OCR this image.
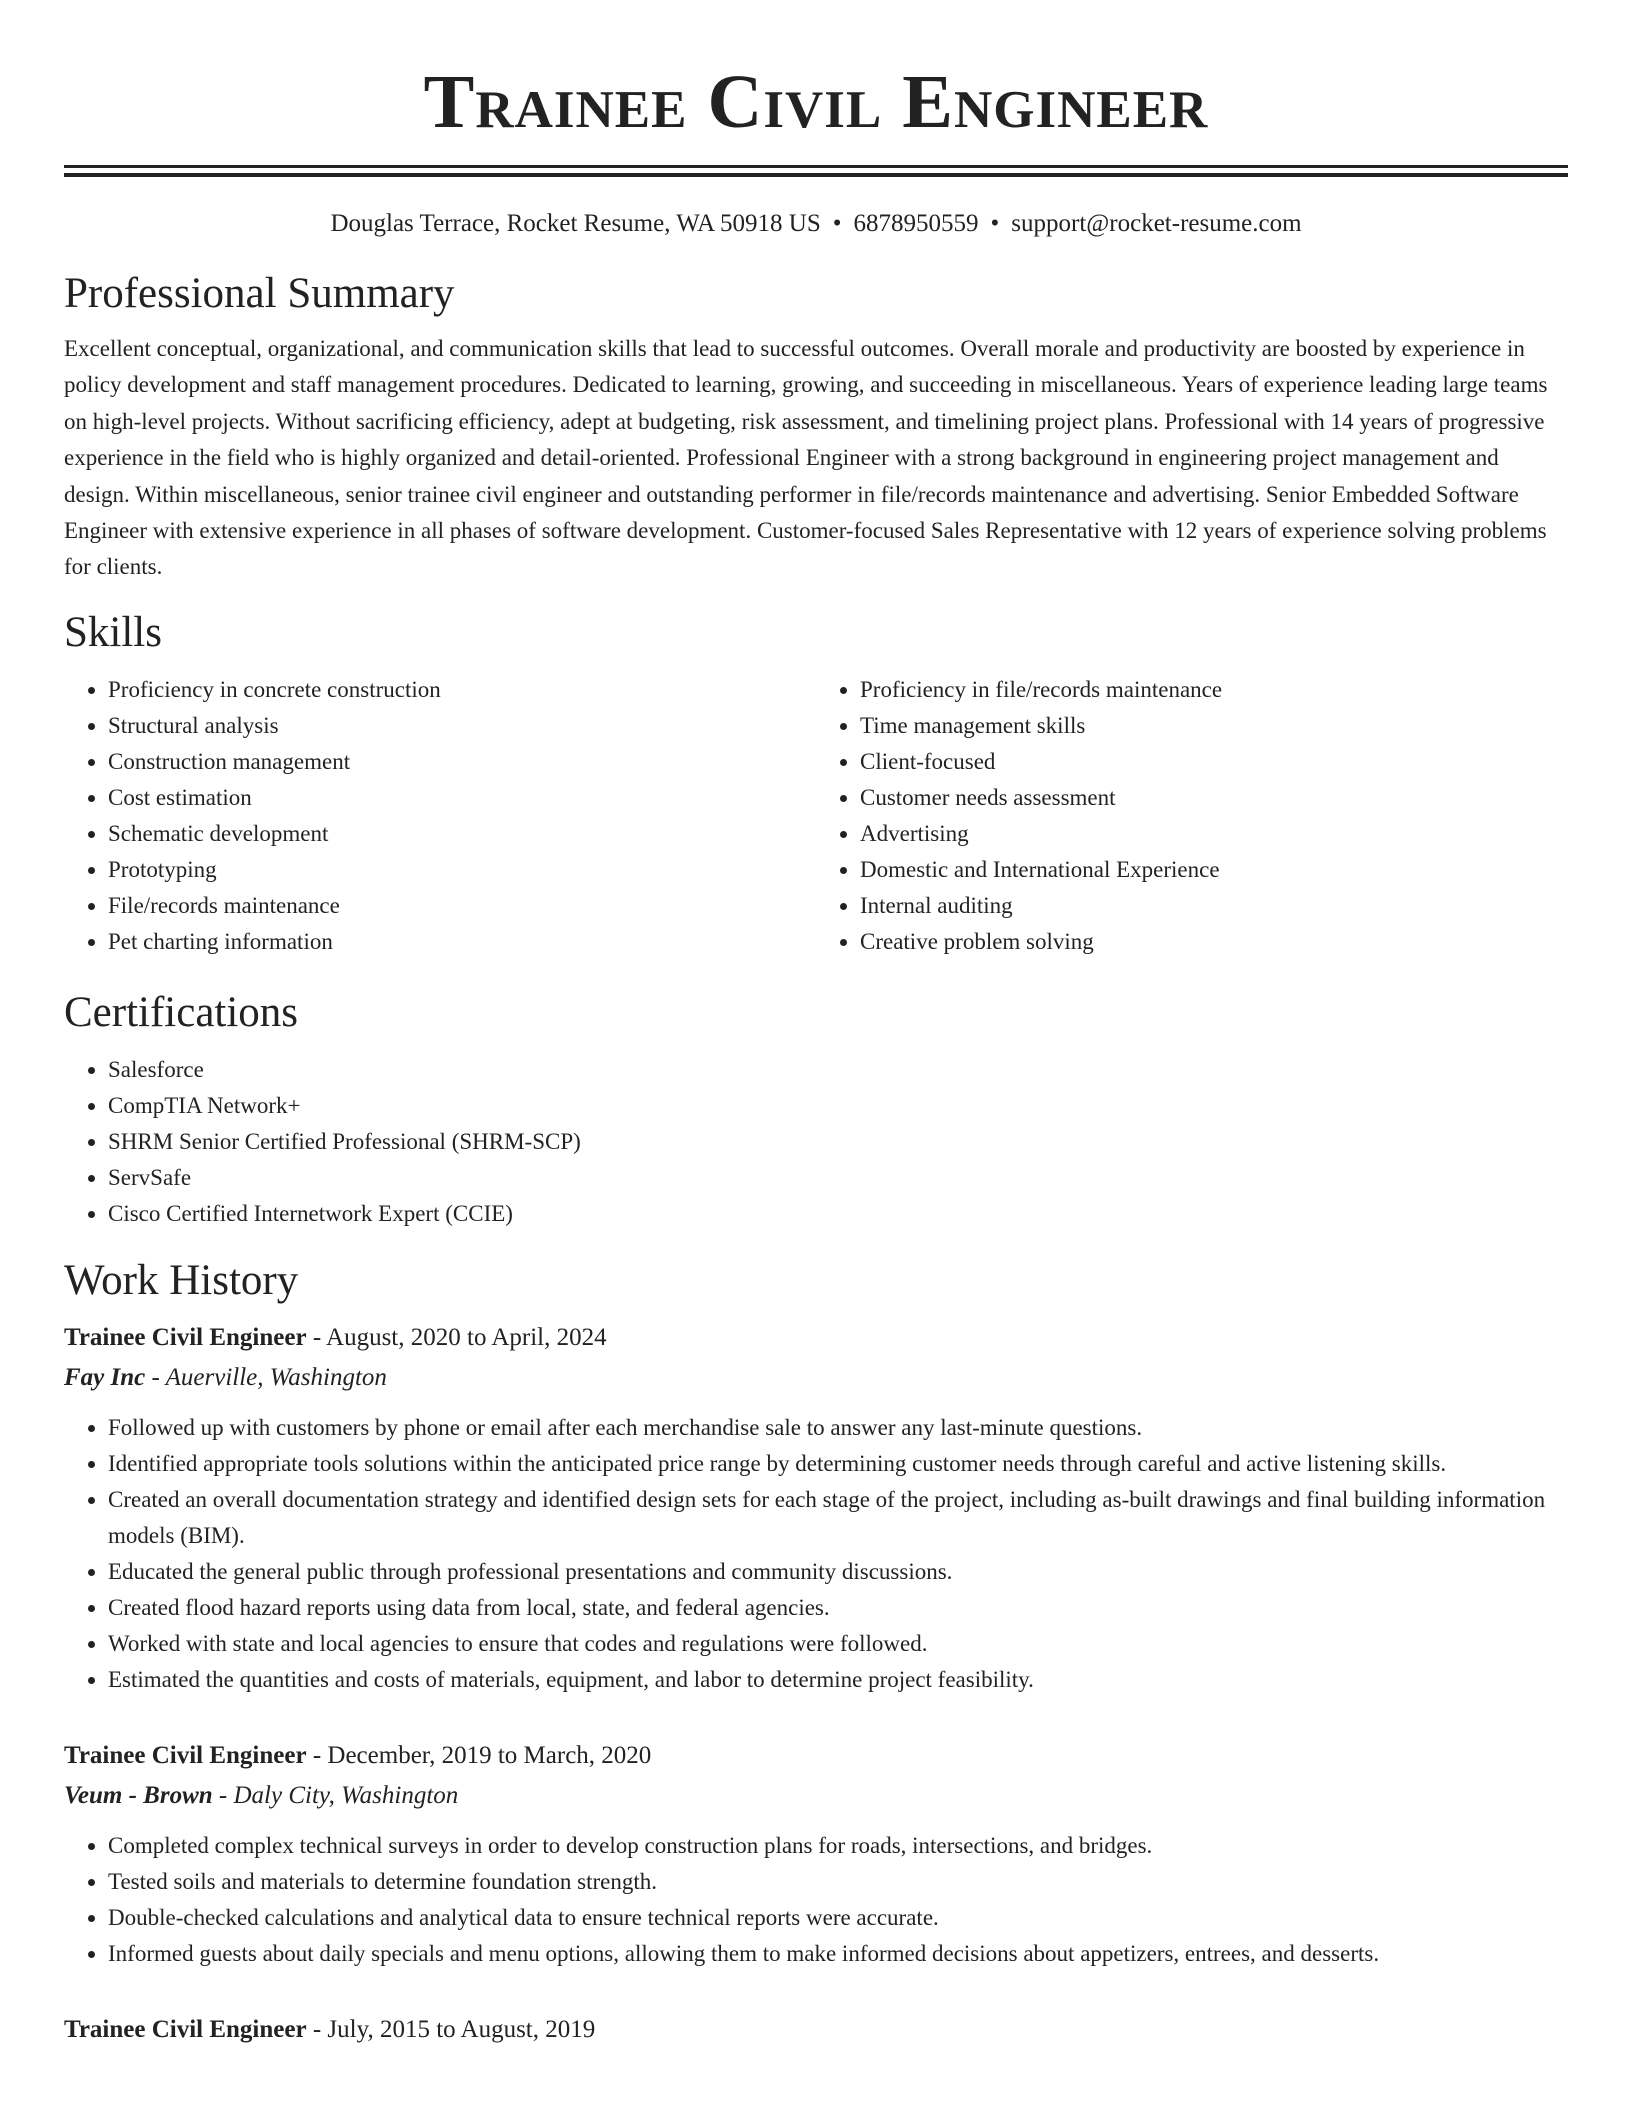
Trainee Civil Engineer
Douglas Terrace, Rocket Resume, WA 50918 US • 6878950559 • support@rocket-resume.com
Professional Summary
Excellent conceptual, organizational, and communication skills that lead to successful outcomes. Overall morale and productivity are boosted by experience in policy development and staff management procedures. Dedicated to learning, growing, and succeeding in miscellaneous. Years of experience leading large teams on high-level projects. Without sacrificing efficiency, adept at budgeting, risk assessment, and timelining project plans. Professional with 14 years of progressive experience in the field who is highly organized and detail-oriented. Professional Engineer with a strong background in engineering project management and design. Within miscellaneous, senior trainee civil engineer and outstanding performer in file/records maintenance and advertising. Senior Embedded Software Engineer with extensive experience in all phases of software development. Customer-focused Sales Representative with 12 years of experience solving problems for clients.
Skills
• Proficiency in concrete construction
• Structural analysis
• Construction management
• Cost estimation
• Schematic development
• Prototyping
• File/records maintenance
• Pet charting information
• Proficiency in file/records maintenance
• Time management skills
• Client-focused
• Customer needs assessment
• Advertising
• Domestic and International Experience
• Internal auditing
• Creative problem solving
Certifications
• Salesforce
• CompTIA Network+
• SHRM Senior Certified Professional (SHRM-SCP)
• ServSafe
• Cisco Certified Internetwork Expert (CCIE)
Work History
Trainee Civil Engineer - August, 2020 to April, 2024
Fay Inc - Auerville, Washington
• Followed up with customers by phone or email after each merchandise sale to answer any last-minute questions.
• Identified appropriate tools solutions within the anticipated price range by determining customer needs through careful and active listening skills.
• Created an overall documentation strategy and identified design sets for each stage of the project, including as-built drawings and final building information models (BIM).
• Educated the general public through professional presentations and community discussions.
• Created flood hazard reports using data from local, state, and federal agencies.
• Worked with state and local agencies to ensure that codes and regulations were followed.
• Estimated the quantities and costs of materials, equipment, and labor to determine project feasibility.
Trainee Civil Engineer - December, 2019 to March, 2020
Veum - Brown - Daly City, Washington
• Completed complex technical surveys in order to develop construction plans for roads, intersections, and bridges.
• Tested soils and materials to determine foundation strength.
• Double-checked calculations and analytical data to ensure technical reports were accurate.
• Informed guests about daily specials and menu options, allowing them to make informed decisions about appetizers, entrees, and desserts.
Trainee Civil Engineer - July, 2015 to August, 2019
